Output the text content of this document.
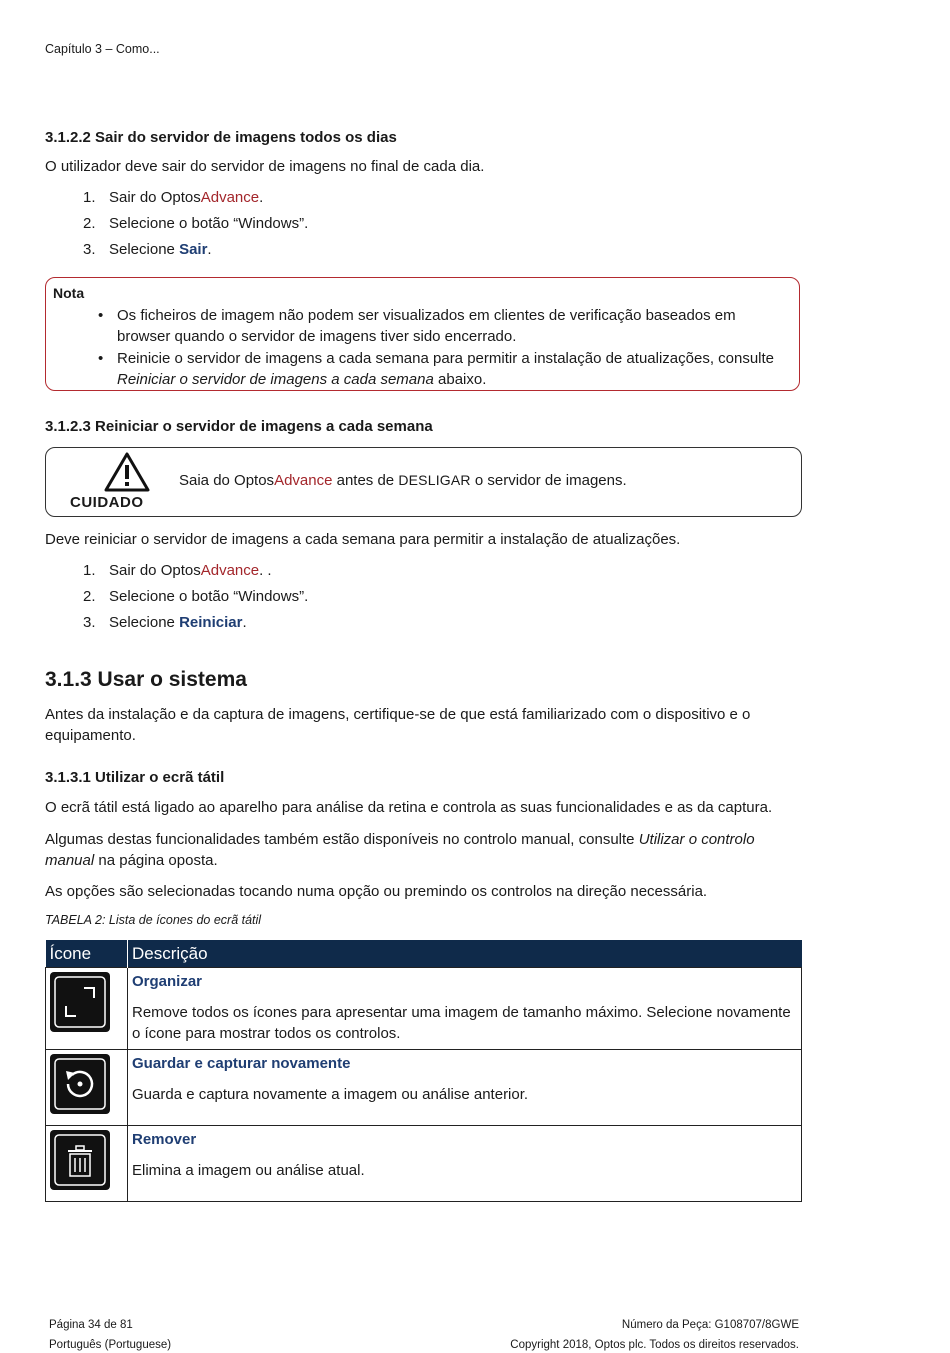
Capítulo 3 – Como...
3.1.2.2 Sair do servidor de imagens todos os dias
O utilizador deve sair do servidor de imagens no final de cada dia.
1. Sair do OptosAdvance.
2. Selecione o botão “Windows”.
3. Selecione Sair.
Nota
• Os ficheiros de imagem não podem ser visualizados em clientes de verificação baseados em browser quando o servidor de imagens tiver sido encerrado.
• Reinicie o servidor de imagens a cada semana para permitir a instalação de atualizações, consulte Reiniciar o servidor de imagens a cada semana abaixo.
3.1.2.3 Reiniciar o servidor de imagens a cada semana
CUIDADO
Saia do OptosAdvance antes de DESLIGAR o servidor de imagens.
Deve reiniciar o servidor de imagens a cada semana para permitir a instalação de atualizações.
1. Sair do OptosAdvance. .
2. Selecione o botão “Windows”.
3. Selecione Reiniciar.
3.1.3 Usar o sistema
Antes da instalação e da captura de imagens, certifique-se de que está familiarizado com o dispositivo e o equipamento.
3.1.3.1 Utilizar o ecrã tátil
O ecrã tátil está ligado ao aparelho para análise da retina e controla as suas funcionalidades e as da captura.
Algumas destas funcionalidades também estão disponíveis no controlo manual, consulte Utilizar o controlo manual na página oposta.
As opções são selecionadas tocando numa opção ou premindo os controlos na direção necessária.
TABELA 2: Lista de ícones do ecrã tátil
Ícone	Descrição

Organizar
Remove todos os ícones para apresentar uma imagem de tamanho máximo. Selecione novamente o ícone para mostrar todos os controlos.

Guardar e capturar novamente
Guarda e captura novamente a imagem ou análise anterior.

Remover
Elimina a imagem ou análise atual.
Página 34 de 81
Português (Portuguese)
Número da Peça: G108707/8GWE
Copyright 2018, Optos plc. Todos os direitos reservados.
